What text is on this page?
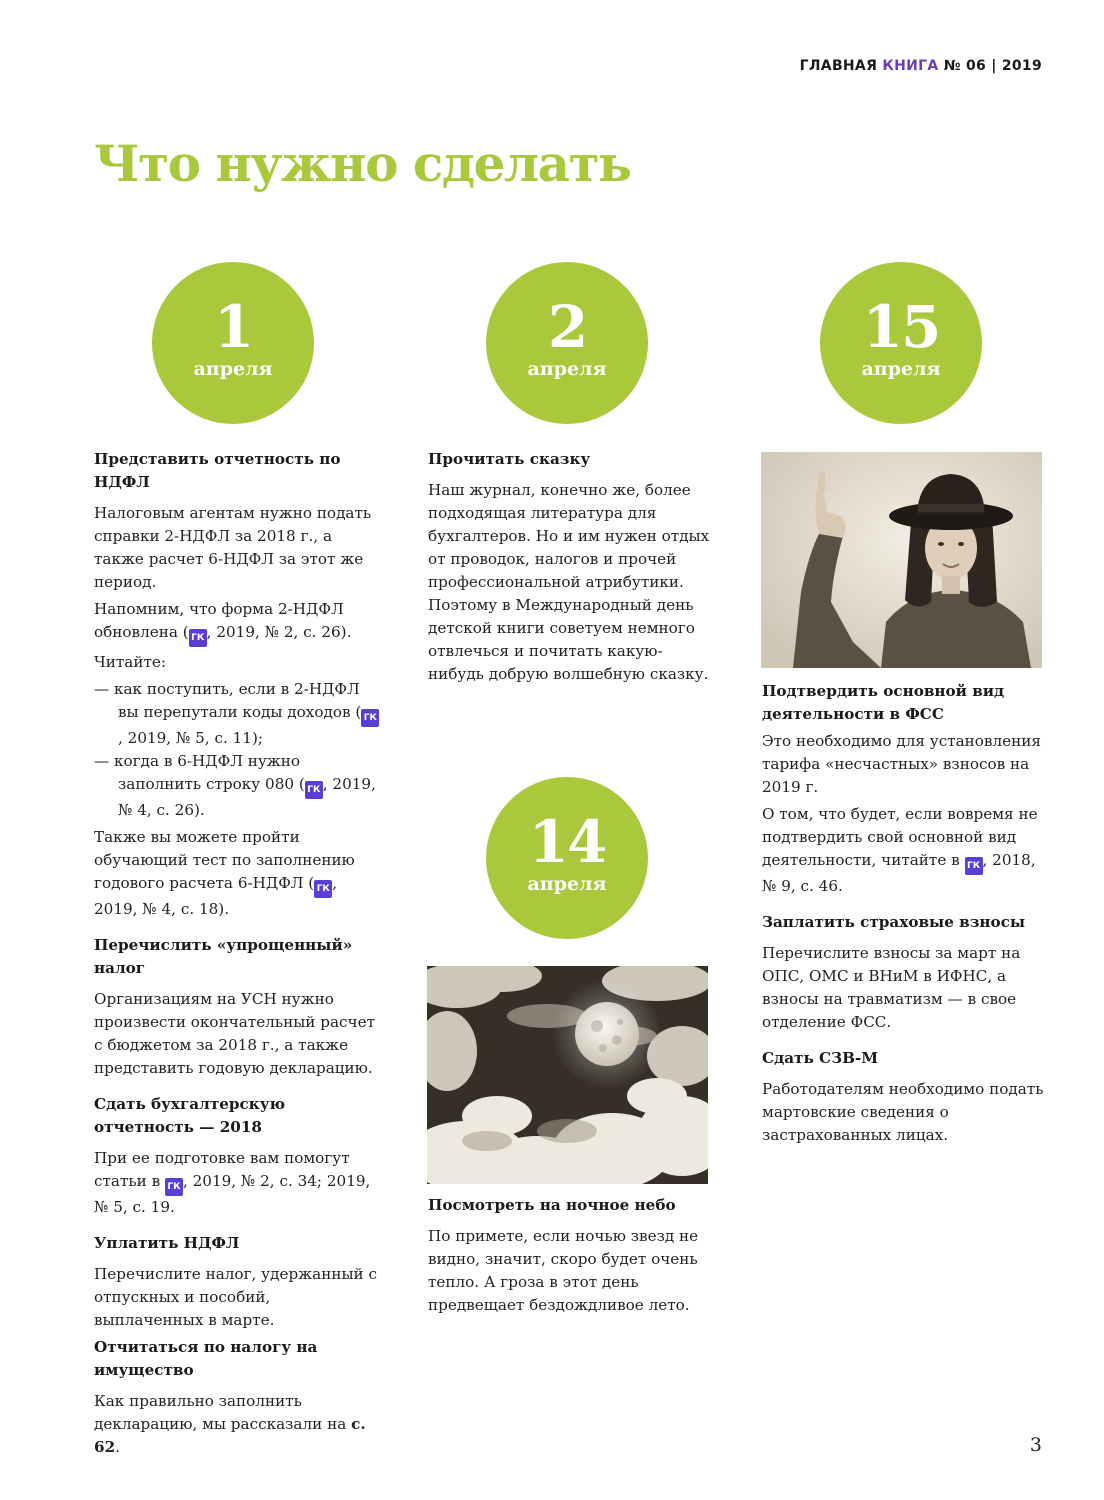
ГЛАВНАЯ КНИГА № 06 | 2019
Что нужно сделать
1
апреля
2
апреля
15
апреля
14
апреля
Представить отчетность по НДФЛ

Налоговым агентам нужно подать справки 2-НДФЛ за 2018 г., а также расчет 6-НДФЛ за этот же период.

Напомним, что форма 2-НДФЛ обновлена ( ГК , 2019, № 2, с. 26).

Читайте:

— как поступить, если в 2-НДФЛ вы перепутали коды доходов ( ГК, 2019, № 5, с. 11);
— когда в 6-НДФЛ нужно заполнить строку 080 ( ГК , 2019, № 4, с. 26).

Также вы можете пройти обучающий тест по заполнению годового расчета 6-НДФЛ ( ГК , 2019, № 4, с. 18).

Перечислить «упрощенный» налог

Организациям на УСН нужно произвести окончательный расчет с бюджетом за 2018 г., а также представить годовую декларацию.

Сдать бухгалтерскую отчетность — 2018

При ее подготовке вам помогут статьи в ГК , 2019, № 2, с. 34; 2019, № 5, с. 19.

Уплатить НДФЛ

Перечислите налог, удержанный с отпускных и пособий, выплаченных в марте.

Отчитаться по налогу на имущество

Как правильно заполнить декларацию, мы рассказали на с. 62.

Прочитать сказку

Наш журнал, конечно же, более подходящая литература для бухгалтеров. Но и им нужен отдых от проводок, налогов и прочей профессиональной атрибутики. Поэтому в Международный день детской книги советуем немного отвлечься и почитать какую-нибудь добрую волшебную сказку.

Посмотреть на ночное небо

По примете, если ночью звезд не видно, значит, скоро будет очень тепло. А гроза в этот день предвещает бездождливое лето.

Подтвердить основной вид деятельности в ФСС

Это необходимо для установления тарифа «несчастных» взносов на 2019 г.

О том, что будет, если вовремя не подтвердить свой основной вид деятельности, читайте в ГК , 2018, № 9, с. 46.

Заплатить страховые взносы

Перечислите взносы за март на ОПС, ОМС и ВНиМ в ИФНС, а взносы на травматизм — в свое отделение ФСС.

Сдать СЗВ-М

Работодателям необходимо подать мартовские сведения о застрахованных лицах.

3
